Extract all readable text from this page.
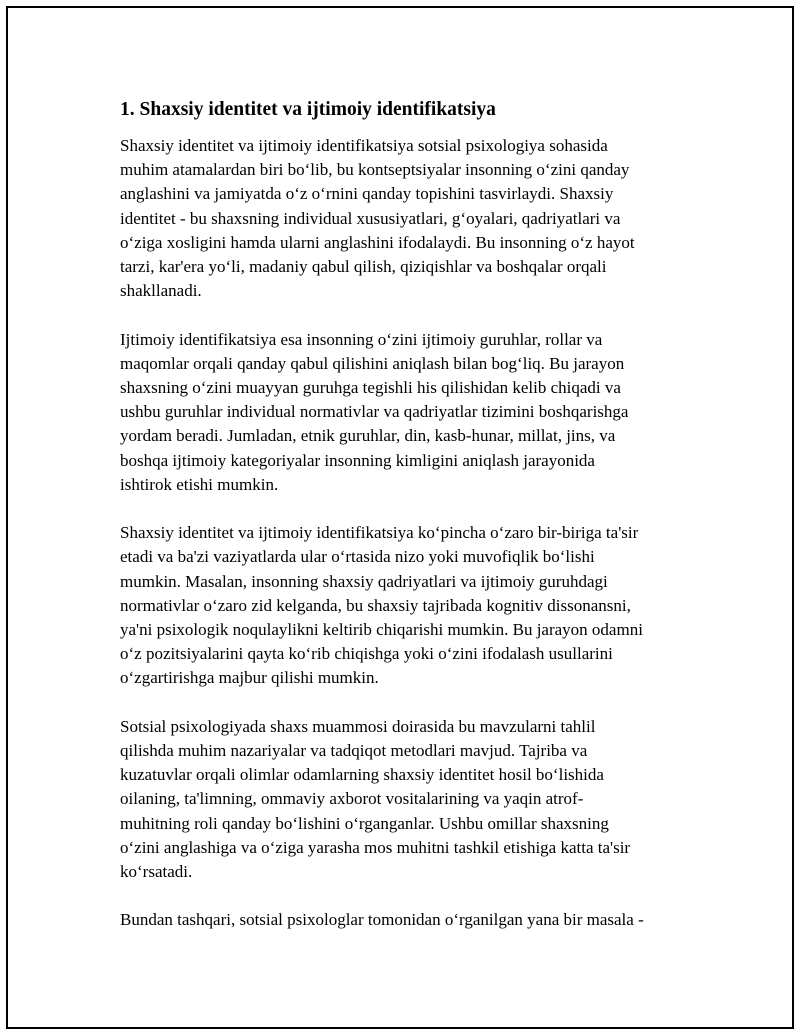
1. Shaxsiy identitet va ijtimoiy identifikatsiya
Shaxsiy identitet va ijtimoiy identifikatsiya sotsial psixologiya sohasida
muhim atamalardan biri bo‘lib, bu kontseptsiyalar insonning o‘zini qanday
anglashini va jamiyatda o‘z o‘rnini qanday topishini tasvirlaydi. Shaxsiy
identitet - bu shaxsning individual xususiyatlari, g‘oyalari, qadriyatlari va
o‘ziga xosligini hamda ularni anglashini ifodalaydi. Bu insonning o‘z hayot
tarzi, kar'era yo‘li, madaniy qabul qilish, qiziqishlar va boshqalar orqali
shakllanadi.
Ijtimoiy identifikatsiya esa insonning o‘zini ijtimoiy guruhlar, rollar va
maqomlar orqali qanday qabul qilishini aniqlash bilan bog‘liq. Bu jarayon
shaxsning o‘zini muayyan guruhga tegishli his qilishidan kelib chiqadi va
ushbu guruhlar individual normativlar va qadriyatlar tizimini boshqarishga
yordam beradi. Jumladan, etnik guruhlar, din, kasb-hunar, millat, jins, va
boshqa ijtimoiy kategoriyalar insonning kimligini aniqlash jarayonida
ishtirok etishi mumkin.
Shaxsiy identitet va ijtimoiy identifikatsiya ko‘pincha o‘zaro bir-biriga ta'sir
etadi va ba'zi vaziyatlarda ular o‘rtasida nizo yoki muvofiqlik bo‘lishi
mumkin. Masalan, insonning shaxsiy qadriyatlari va ijtimoiy guruhdagi
normativlar o‘zaro zid kelganda, bu shaxsiy tajribada kognitiv dissonansni,
ya'ni psixologik noqulaylikni keltirib chiqarishi mumkin. Bu jarayon odamni
o‘z pozitsiyalarini qayta ko‘rib chiqishga yoki o‘zini ifodalash usullarini
o‘zgartirishga majbur qilishi mumkin.
Sotsial psixologiyada shaxs muammosi doirasida bu mavzularni tahlil
qilishda muhim nazariyalar va tadqiqot metodlari mavjud. Tajriba va
kuzatuvlar orqali olimlar odamlarning shaxsiy identitet hosil bo‘lishida
oilaning, ta'limning, ommaviy axborot vositalarining va yaqin atrof-
muhitning roli qanday bo‘lishini o‘rganganlar. Ushbu omillar shaxsning
o‘zini anglashiga va o‘ziga yarasha mos muhitni tashkil etishiga katta ta'sir
ko‘rsatadi.
Bundan tashqari, sotsial psixologlar tomonidan o‘rganilgan yana bir masala -
